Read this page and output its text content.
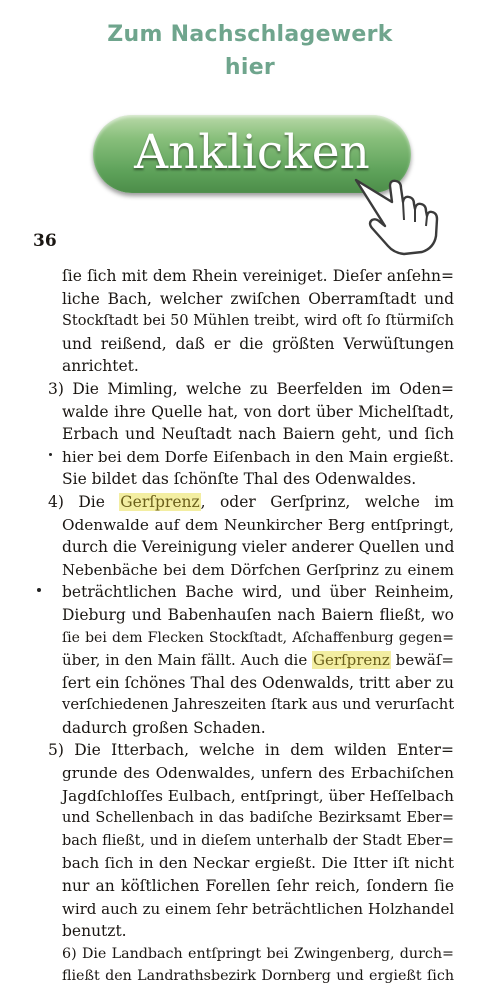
Zum Nachschlagewerk
hier
Anklicken
36
ſie ſich mit dem Rhein vereiniget. Dieſer anſehn=
liche Bach, welcher zwiſchen Oberramſtadt und
Stockſtadt bei 50 Mühlen treibt, wird oft ſo ſtürmiſch
und reißend, daß er die größten Verwüſtungen
anrichtet.
3) Die Mimling, welche zu Beerfelden im Oden=
walde ihre Quelle hat, von dort über Michelſtadt,
Erbach und Neuſtadt nach Baiern geht, und ſich
hier bei dem Dorfe Eiſenbach in den Main ergießt.
Sie bildet das ſchönſte Thal des Odenwaldes.
4) Die Gerſprenz, oder Gerſprinz, welche im
Odenwalde auf dem Neunkircher Berg entſpringt,
durch die Vereinigung vieler anderer Quellen und
Nebenbäche bei dem Dörfchen Gerſprinz zu einem
beträchtlichen Bache wird, und über Reinheim,
Dieburg und Babenhauſen nach Baiern fließt, wo
ſie bei dem Flecken Stockſtadt, Aſchaffenburg gegen=
über, in den Main fällt. Auch die Gerſprenz bewäſ=
ſert ein ſchönes Thal des Odenwalds, tritt aber zu
verſchiedenen Jahreszeiten ſtark aus und verurſacht
dadurch großen Schaden.
5) Die Itterbach, welche in dem wilden Enter=
grunde des Odenwaldes, unfern des Erbachiſchen
Jagdſchloſſes Eulbach, entſpringt, über Heſſelbach
und Schellenbach in das badiſche Bezirksamt Eber=
bach fließt, und in dieſem unterhalb der Stadt Eber=
bach ſich in den Neckar ergießt. Die Itter iſt nicht
nur an köſtlichen Forellen ſehr reich, ſondern ſie
wird auch zu einem ſehr beträchtlichen Holzhandel
benutzt.
6) Die Landbach entſpringt bei Zwingenberg, durch=
fließt den Landrathsbezirk Dornberg und ergießt ſich
